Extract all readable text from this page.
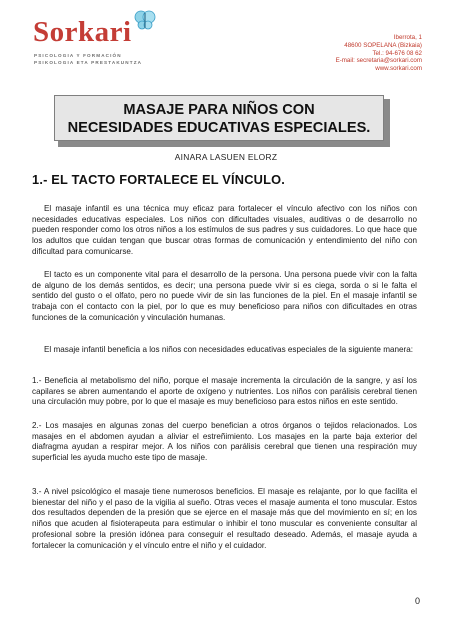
Sorkari
PSICOLOGIA Y FORMACIÓN
PSIKOLOGIA ETA PRESTAKUNTZA
Iberrota, 1
48600 SOPELANA (Bizkaia)
Tel.: 94-676 08 62
E-mail: secretaria@sorkari.com
www.sorkari.com
MASAJE PARA NIÑOS CON
NECESIDADES EDUCATIVAS ESPECIALES.
AINARA LASUEN ELORZ
1.- EL TACTO FORTALECE EL VÍNCULO.
El masaje infantil es una técnica muy eficaz para fortalecer el vínculo afectivo con los niños con necesidades educativas especiales. Los niños con dificultades visuales, auditivas o de desarrollo no pueden responder como los otros niños a los estímulos de sus padres y sus cuidadores. Lo que hace que los adultos que cuidan tengan que buscar otras formas de comunicación y entendimiento del niño con dificultad para comunicarse.
El tacto es un componente vital para el desarrollo de la persona. Una persona puede vivir con la falta de alguno de los demás sentidos, es decir; una persona puede vivir si es ciega, sorda o si le falta el sentido del gusto o el olfato, pero no puede vivir de sin las funciones de la piel. En el masaje infantil se trabaja con el contacto con la piel, por lo que es muy beneficioso para niños con dificultades en otras funciones de la comunicación y vinculación humanas.
El masaje infantil beneficia a los niños con necesidades educativas especiales de la siguiente manera:
1.- Beneficia al metabolismo del niño, porque el masaje incrementa la circulación de la sangre, y así los capilares se abren aumentando el aporte de oxígeno y nutrientes. Los niños con parálisis cerebral tienen una circulación muy pobre, por lo que el masaje es muy beneficioso para estos niños en este sentido.
2.- Los masajes en algunas zonas del cuerpo benefician a otros órganos o tejidos relacionados. Los masajes en el abdomen ayudan a aliviar el estreñimiento. Los masajes en la parte baja exterior del diafragma ayudan a respirar mejor. A los niños con parálisis cerebral que tienen una respiración muy superficial les ayuda mucho este tipo de masaje.
3.- A nivel psicológico el masaje tiene numerosos beneficios. El masaje es relajante, por lo que facilita el bienestar del niño y el paso de la vigilia al sueño. Otras veces el masaje aumenta el tono muscular. Estos dos resultados dependen de la presión que se ejerce en el masaje más que del movimiento en sí; en los niños que acuden al fisioterapeuta para estimular o inhibir el tono muscular es conveniente consultar al profesional sobre la presión idónea para conseguir el resultado deseado. Además, el masaje ayuda a fortalecer la comunicación y el vínculo entre el niño y el cuidador.
0
